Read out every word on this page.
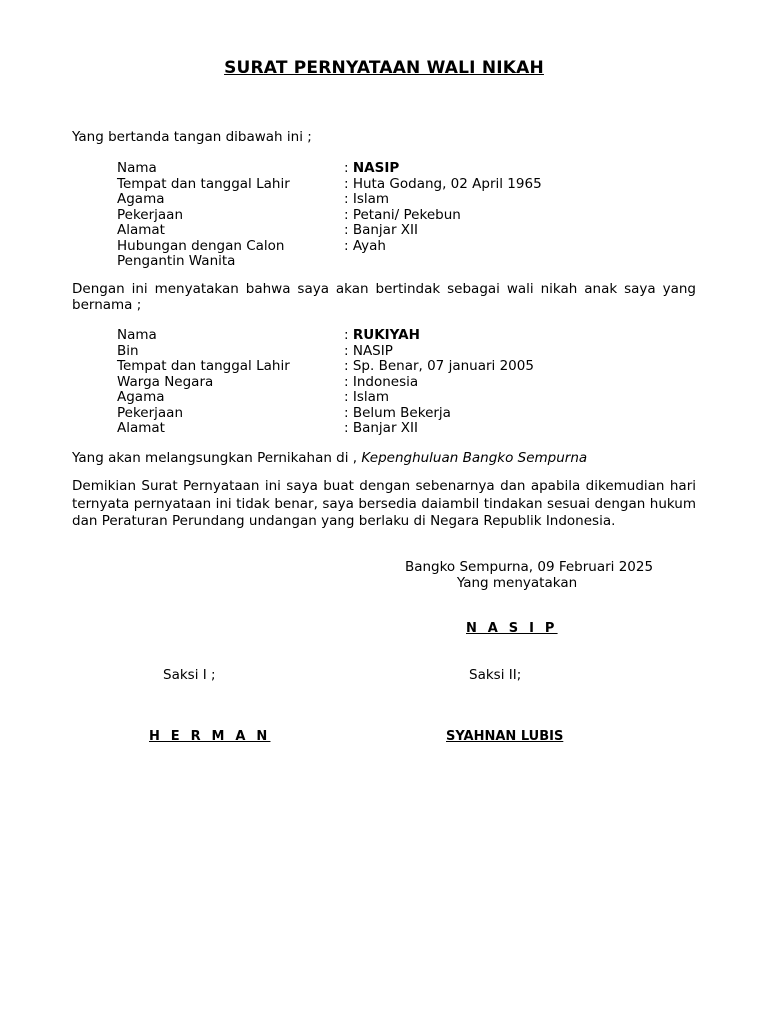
SURAT PERNYATAAN WALI NIKAH
Yang bertanda tangan dibawah ini ;
Nama	: NASIP
Tempat dan tanggal Lahir	: Huta Godang, 02 April 1965
Agama	: Islam
Pekerjaan	: Petani/ Pekebun
Alamat	: Banjar XII
Hubungan dengan Calon	: Ayah
Pengantin Wanita
Dengan ini menyatakan bahwa saya akan bertindak sebagai wali nikah anak saya yang bernama ;
Nama	: RUKIYAH
Bin	: NASIP
Tempat dan tanggal Lahir	: Sp. Benar, 07 januari 2005
Warga Negara	: Indonesia
Agama	: Islam
Pekerjaan	: Belum Bekerja
Alamat	: Banjar XII
Yang akan melangsungkan Pernikahan di , Kepenghuluan Bangko Sempurna
Demikian Surat Pernyataan ini saya buat dengan sebenarnya dan apabila dikemudian hari ternyata pernyataan ini tidak benar, saya bersedia daiambil tindakan sesuai dengan hukum dan Peraturan Perundang undangan yang berlaku di Negara Republik Indonesia.
Bangko Sempurna, 09 Februari 2025
Yang menyatakan
N A S I P
Saksi I ;	Saksi II;
H E R M A N	SYAHNAN LUBIS
